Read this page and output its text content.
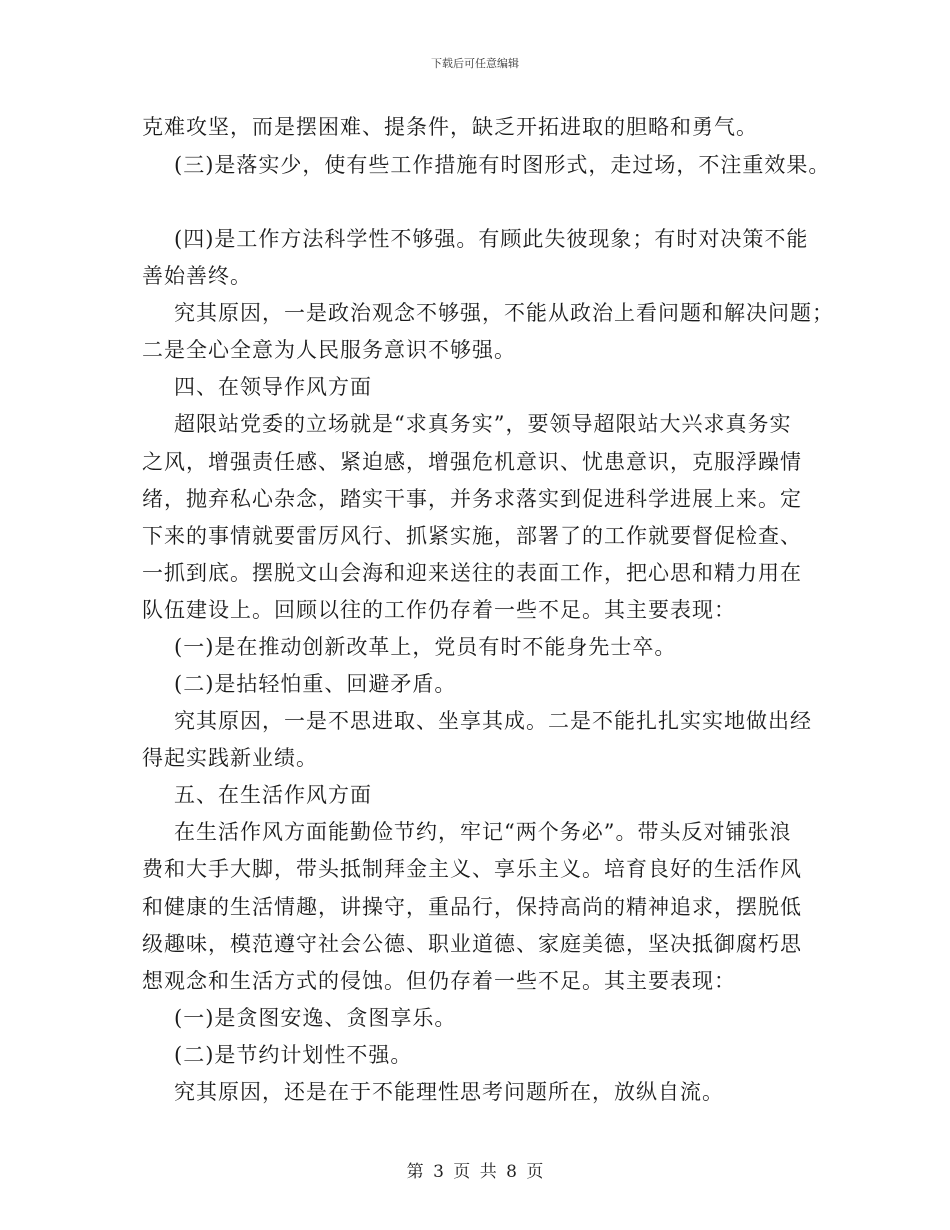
下载后可任意编辑
克难攻坚，而是摆困难、提条件，缺乏开拓进取的胆略和勇气。
(三)是落实少，使有些工作措施有时图形式，走过场，不注重效果。
(四)是工作方法科学性不够强。有顾此失彼现象；有时对决策不能
善始善终。
究其原因，一是政治观念不够强，不能从政治上看问题和解决问题；
二是全心全意为人民服务意识不够强。
四、在领导作风方面
超限站党委的立场就是“求真务实”，要领导超限站大兴求真务实
之风，增强责任感、紧迫感，增强危机意识、忧患意识，克服浮躁情
绪，抛弃私心杂念，踏实干事，并务求落实到促进科学进展上来。定
下来的事情就要雷厉风行、抓紧实施，部署了的工作就要督促检查、
一抓到底。摆脱文山会海和迎来送往的表面工作，把心思和精力用在
队伍建设上。回顾以往的工作仍存着一些不足。其主要表现：
(一)是在推动创新改革上，党员有时不能身先士卒。
(二)是拈轻怕重、回避矛盾。
究其原因，一是不思进取、坐享其成。二是不能扎扎实实地做出经
得起实践新业绩。
五、在生活作风方面
在生活作风方面能勤俭节约，牢记“两个务必”。带头反对铺张浪
费和大手大脚，带头抵制拜金主义、享乐主义。培育良好的生活作风
和健康的生活情趣，讲操守，重品行，保持高尚的精神追求，摆脱低
级趣味，模范遵守社会公德、职业道德、家庭美德，坚决抵御腐朽思
想观念和生活方式的侵蚀。但仍存着一些不足。其主要表现：
(一)是贪图安逸、贪图享乐。
(二)是节约计划性不强。
究其原因，还是在于不能理性思考问题所在，放纵自流。
第 3 页 共 8 页
